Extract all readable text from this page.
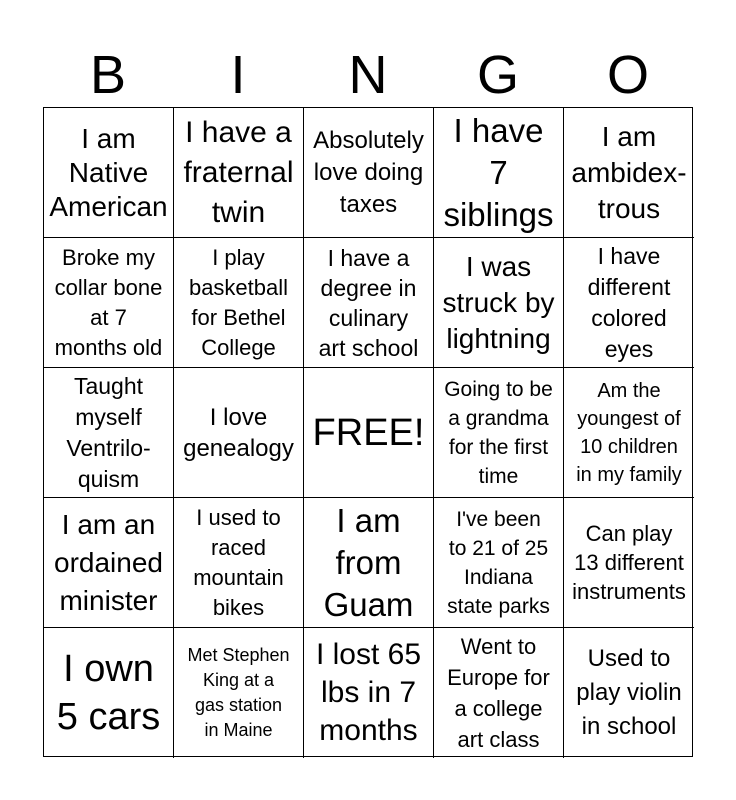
B	I	N	G	O
I am
Native
American
I have a
fraternal
twin
Absolutely
love doing
taxes
I have
7
siblings
I am
ambidex-
trous
Broke my
collar bone
at 7
months old
I play
basketball
for Bethel
College
I have a
degree in
culinary
art school
I was
struck by
lightning
I have
different
colored
eyes
Taught
myself
Ventrilo-
quism
I love
genealogy FREE!
Going to be
a grandma
for the first
time
Am the
youngest of
10 children
in my family
I am an
ordained
minister
I used to
raced
mountain
bikes
I am
from
Guam
I've been
to 21 of 25
Indiana
state parks
Can play
13 different
instruments
I own
5 cars
Met Stephen
King at a
gas station
in Maine
I lost 65
lbs in 7
months
Went to
Europe for
a college
art class
Used to
play violin
in school
